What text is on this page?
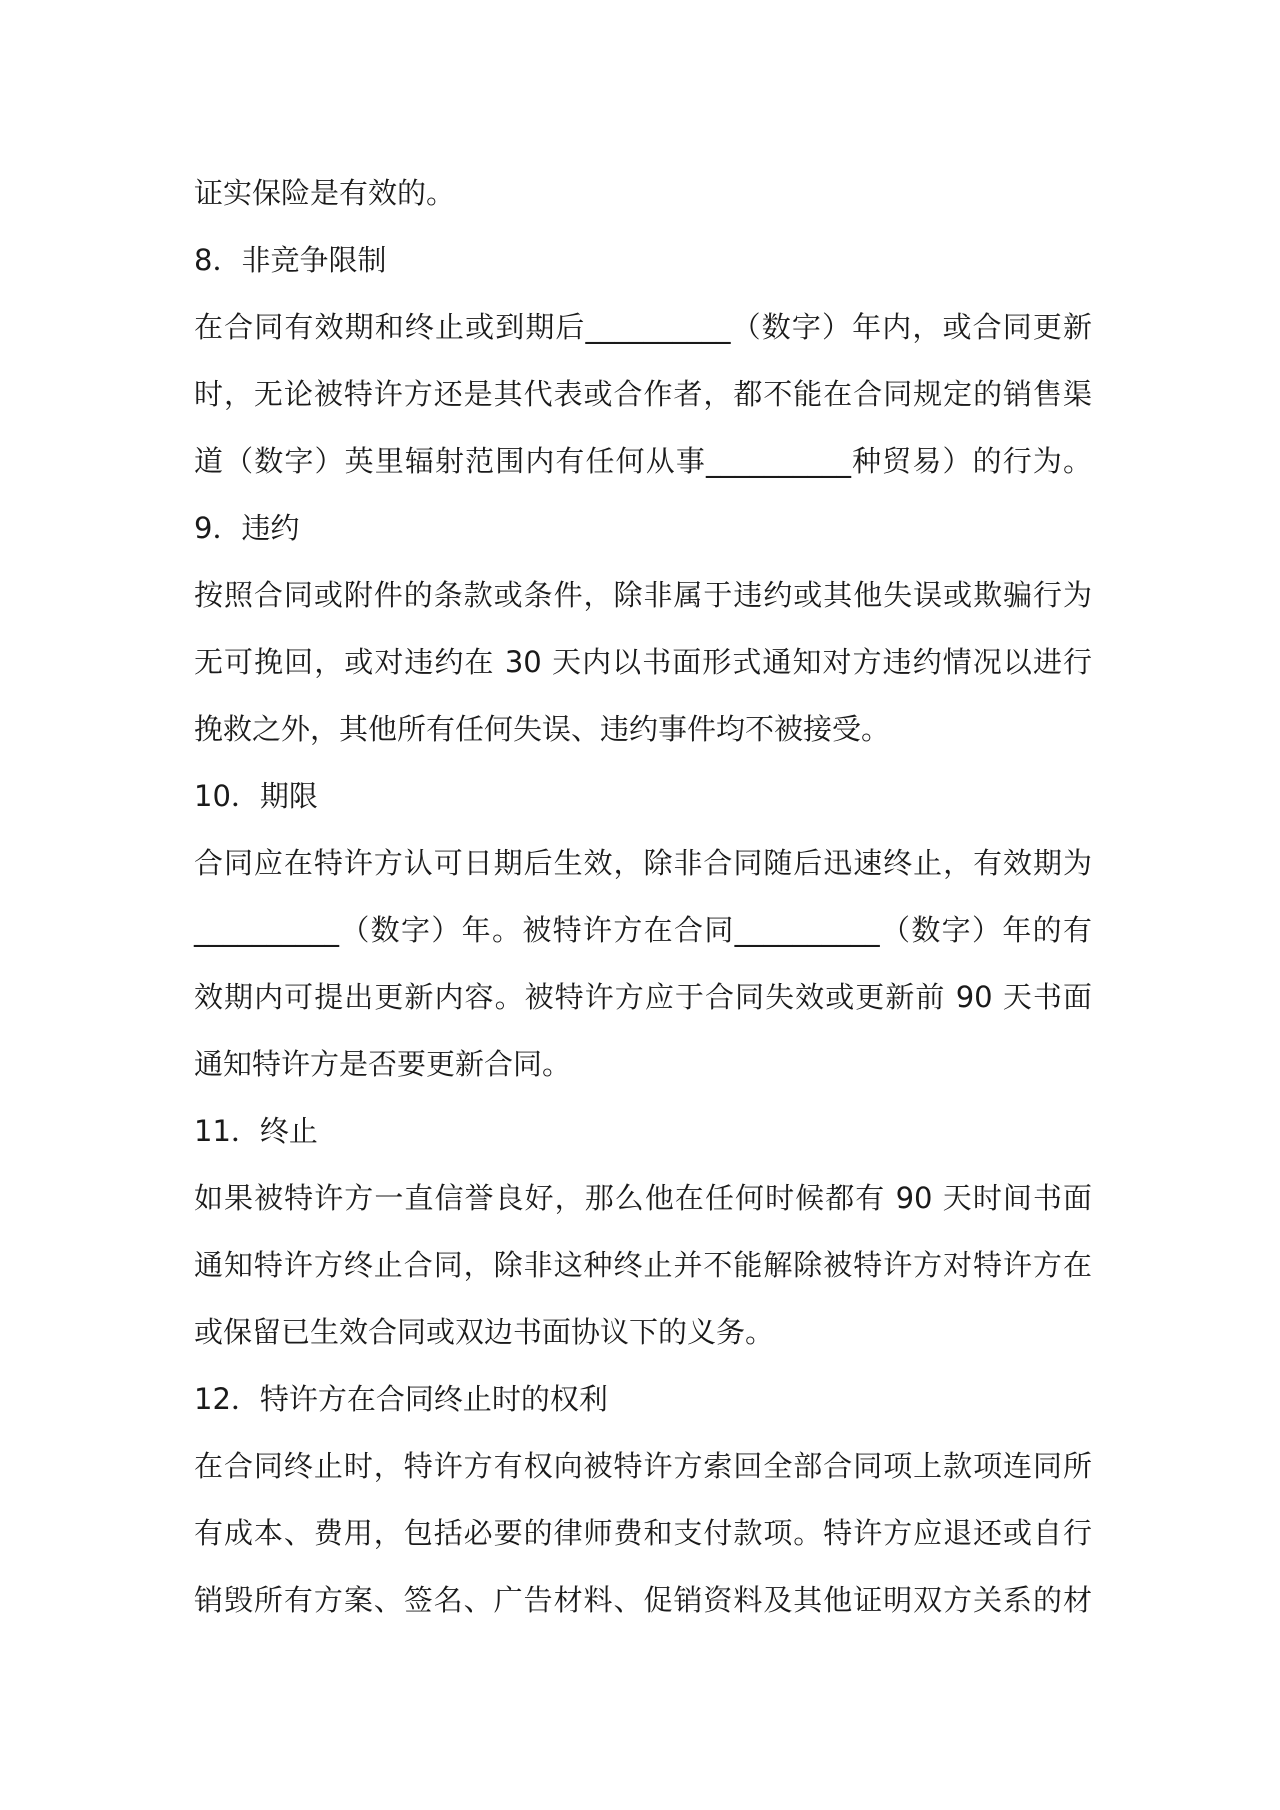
证实保险是有效的。
8．非竞争限制
在合同有效期和终止或到期后__________（数字）年内，或合同更新
时，无论被特许方还是其代表或合作者，都不能在合同规定的销售渠
道（数字）英里辐射范围内有任何从事__________种贸易）的行为。
9．违约
按照合同或附件的条款或条件，除非属于违约或其他失误或欺骗行为
无可挽回，或对违约在 30 天内以书面形式通知对方违约情况以进行
挽救之外，其他所有任何失误、违约事件均不被接受。
10．期限
合同应在特许方认可日期后生效，除非合同随后迅速终止，有效期为
__________（数字）年。被特许方在合同__________（数字）年的有
效期内可提出更新内容。被特许方应于合同失效或更新前 90 天书面
通知特许方是否要更新合同。
11．终止
如果被特许方一直信誉良好，那么他在任何时候都有 90 天时间书面
通知特许方终止合同，除非这种终止并不能解除被特许方对特许方在
或保留已生效合同或双边书面协议下的义务。
12．特许方在合同终止时的权利
在合同终止时，特许方有权向被特许方索回全部合同项上款项连同所
有成本、费用，包括必要的律师费和支付款项。特许方应退还或自行
销毁所有方案、签名、广告材料、促销资料及其他证明双方关系的材
